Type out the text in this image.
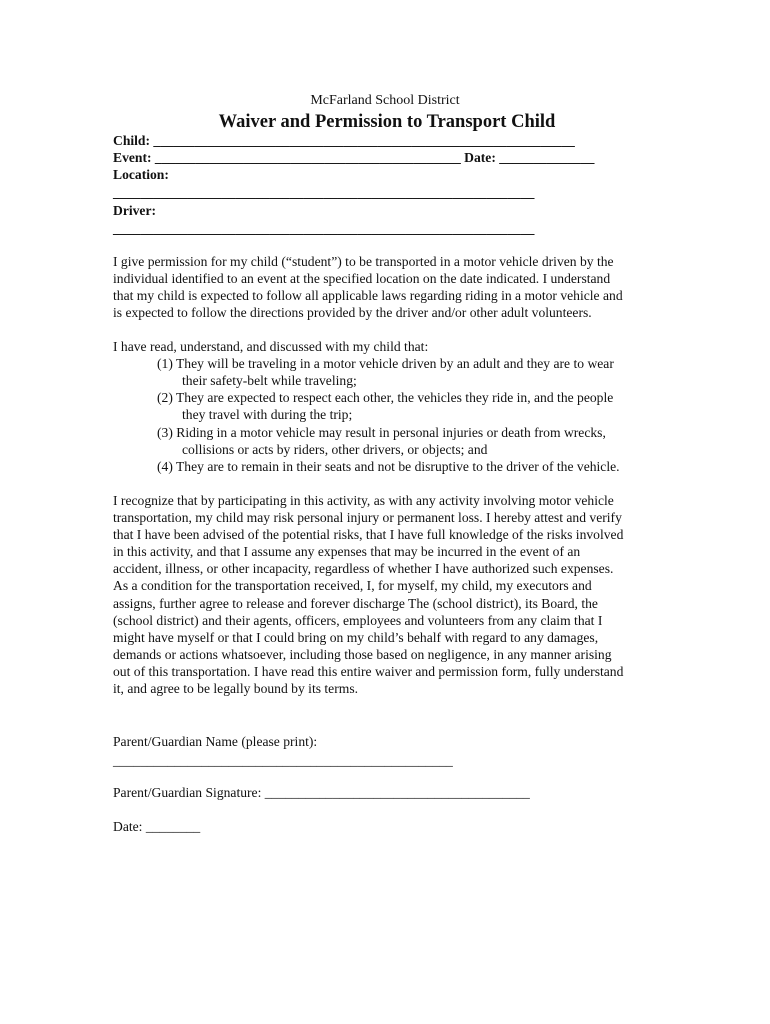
McFarland School District
Waiver and Permission to Transport Child
Child: ______________________________________________________________
Event: _____________________________________________ Date: ______________
Location:
______________________________________________________________
Driver:
______________________________________________________________
I give permission for my child (“student”) to be transported in a motor vehicle driven by the
individual identified to an event at the specified location on the date indicated. I understand
that my child is expected to follow all applicable laws regarding riding in a motor vehicle and
is expected to follow the directions provided by the driver and/or other adult volunteers.
I have read, understand, and discussed with my child that:
(1) They will be traveling in a motor vehicle driven by an adult and they are to wear
their safety-belt while traveling;
(2) They are expected to respect each other, the vehicles they ride in, and the people
they travel with during the trip;
(3) Riding in a motor vehicle may result in personal injuries or death from wrecks,
collisions or acts by riders, other drivers, or objects; and
(4) They are to remain in their seats and not be disruptive to the driver of the vehicle.
I recognize that by participating in this activity, as with any activity involving motor vehicle
transportation, my child may risk personal injury or permanent loss. I hereby attest and verify
that I have been advised of the potential risks, that I have full knowledge of the risks involved
in this activity, and that I assume any expenses that may be incurred in the event of an
accident, illness, or other incapacity, regardless of whether I have authorized such expenses.
As a condition for the transportation received, I, for myself, my child, my executors and
assigns, further agree to release and forever discharge The (school district), its Board, the
(school district) and their agents, officers, employees and volunteers from any claim that I
might have myself or that I could bring on my child’s behalf with regard to any damages,
demands or actions whatsoever, including those based on negligence, in any manner arising
out of this transportation. I have read this entire waiver and permission form, fully understand
it, and agree to be legally bound by its terms.
Parent/Guardian Name (please print):
__________________________________________________
Parent/Guardian Signature: _______________________________________
Date: ________
